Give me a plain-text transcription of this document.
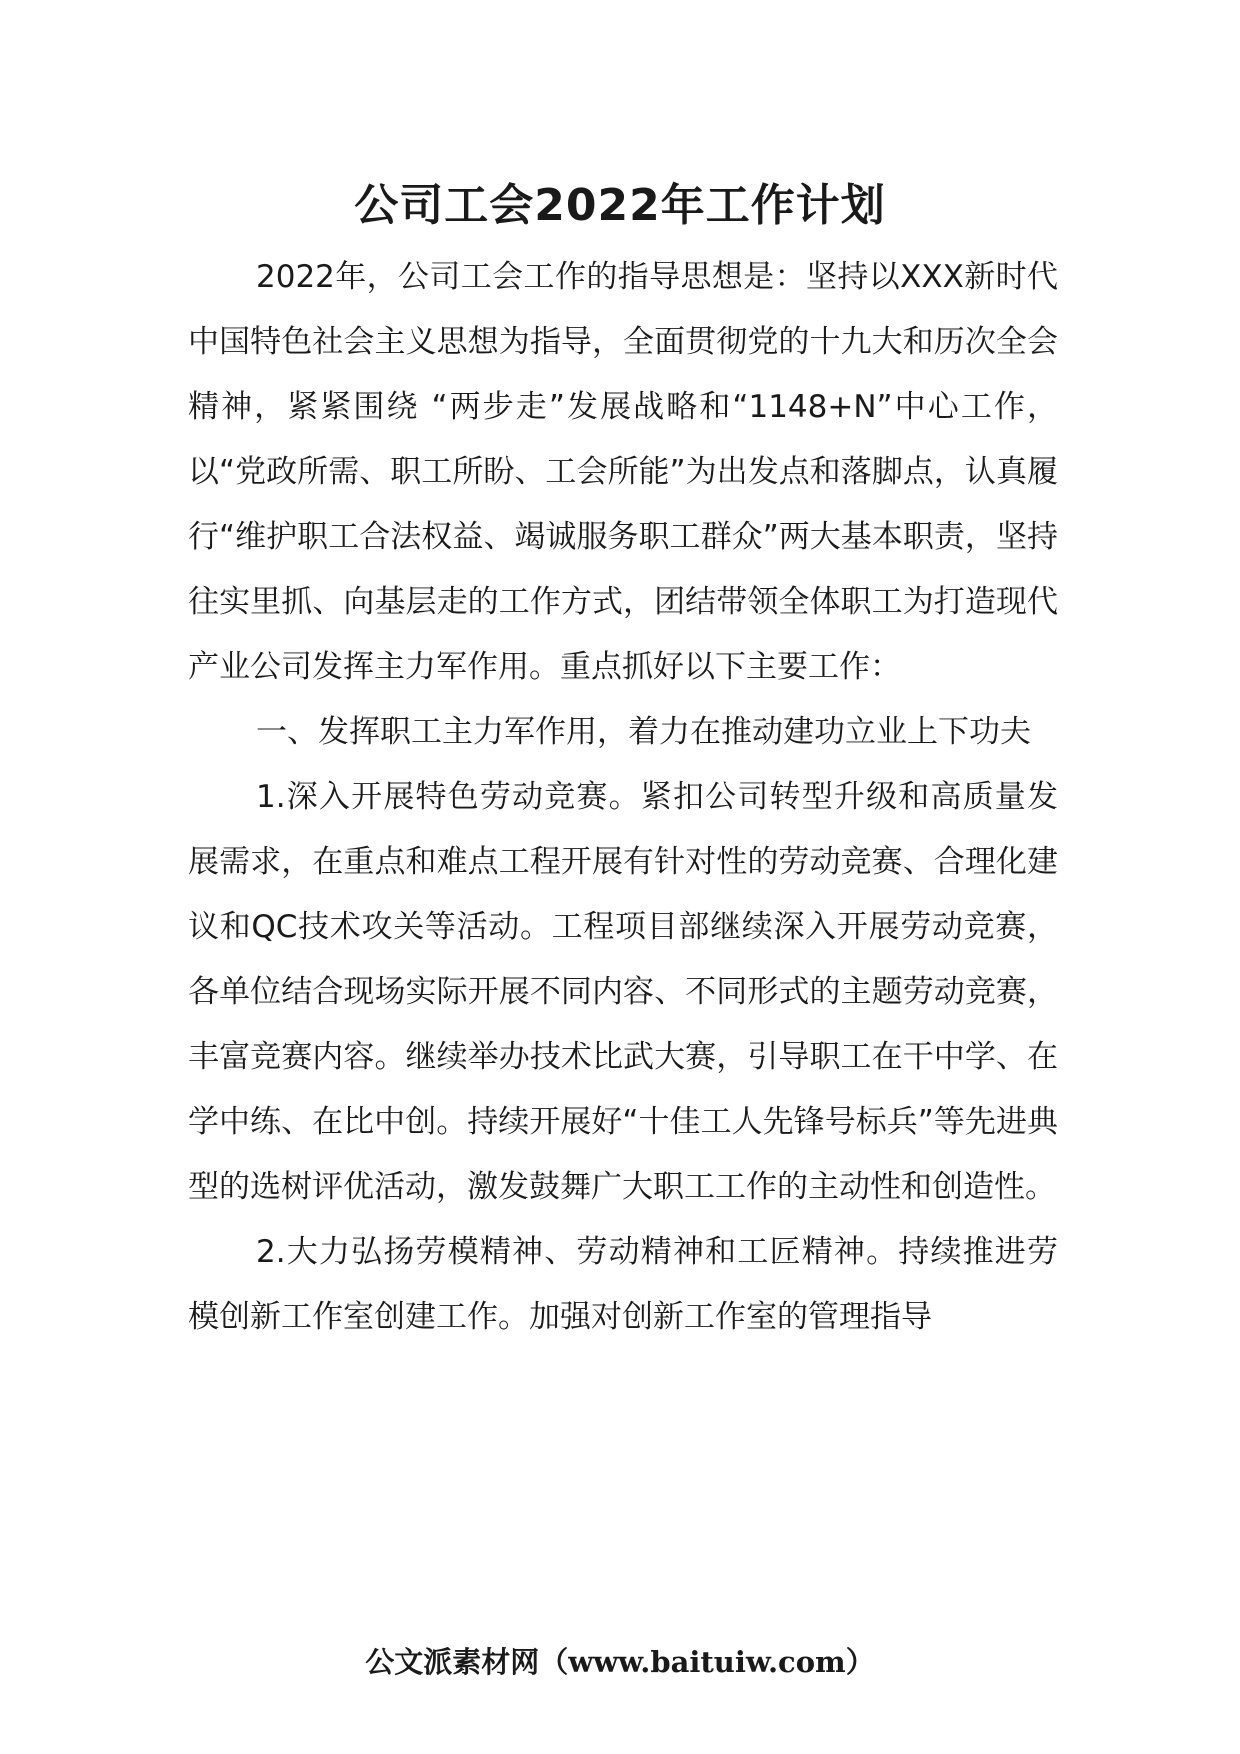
公司工会2022年工作计划

2022年，公司工会工作的指导思想是：坚持以XXX新时代中国特色社会主义思想为指导，全面贯彻党的十九大和历次全会精神，紧紧围绕 “两步走”发展战略和“1148+N”中心工作，以“党政所需、职工所盼、工会所能”为出发点和落脚点，认真履行“维护职工合法权益、竭诚服务职工群众”两大基本职责，坚持往实里抓、向基层走的工作方式，团结带领全体职工为打造现代产业公司发挥主力军作用。重点抓好以下主要工作：

一、发挥职工主力军作用，着力在推动建功立业上下功夫

1.深入开展特色劳动竞赛。紧扣公司转型升级和高质量发展需求，在重点和难点工程开展有针对性的劳动竞赛、合理化建议和QC技术攻关等活动。工程项目部继续深入开展劳动竞赛，各单位结合现场实际开展不同内容、不同形式的主题劳动竞赛，丰富竞赛内容。继续举办技术比武大赛，引导职工在干中学、在学中练、在比中创。持续开展好“十佳工人先锋号标兵”等先进典型的选树评优活动，激发鼓舞广大职工工作的主动性和创造性。

2.大力弘扬劳模精神、劳动精神和工匠精神。持续推进劳模创新工作室创建工作。加强对创新工作室的管理指导

公文派素材网（www.baituiw.com）
